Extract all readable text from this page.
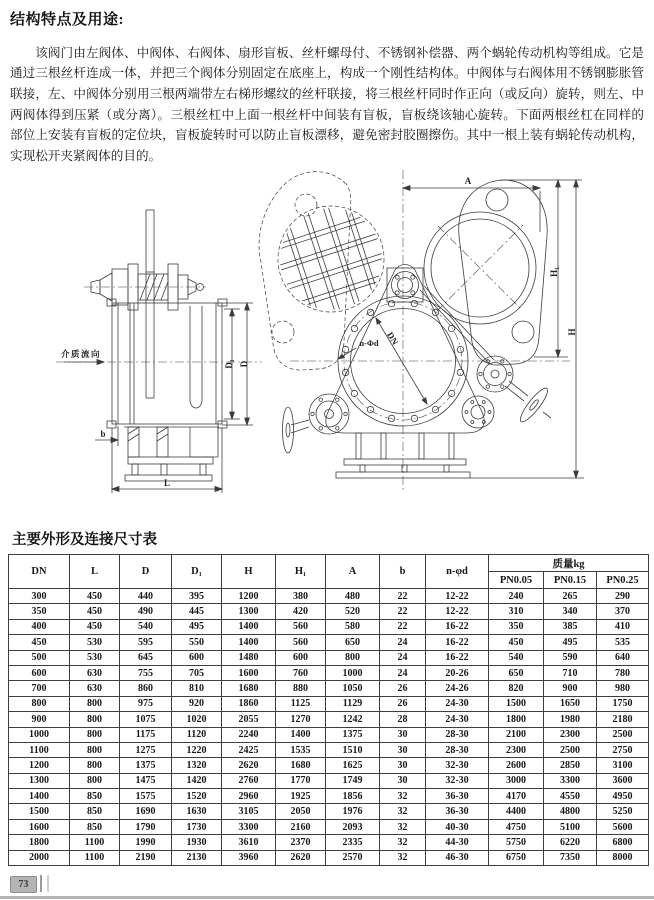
结构特点及用途:

该阀门由左阀体、中阀体、右阀体、扇形盲板、丝杆螺母付、不锈钢补偿器、两个蜗轮传动机构等组成。它是通过三根丝杆连成一体，并把三个阀体分别固定在底座上，构成一个刚性结构体。中阀体与右阀体用不锈钢膨胀管联接，左、中阀体分别用三根两端带左右梯形螺纹的丝杆联接，将三根丝杆同时作正向（或反向）旋转，则左、中两阀体得到压紧（或分离）。三根丝杠中上面一根丝杆中间装有盲板，盲板绕该轴心旋转。下面两根丝杠在同样的部位上安装有盲板的定位块，盲板旋转时可以防止盲板漂移，避免密封胶圈擦伤。其中一根上装有蜗轮传动机构，实现松开夹紧阀体的目的。

介质流向
b
L
D₁ D
A
H₁
H
DN
n-Φd
主要外形及连接尺寸表
DN	L	D	D₁	H	H₁	A	b	n-φd	质量kg		
									PN0.05	PN0.15	PN0.25
300	450	440	395	1200	380	480	22	12-22	240	265	290
350	450	490	445	1300	420	520	22	12-22	310	340	370
400	450	540	495	1400	560	580	22	16-22	350	385	410
450	530	595	550	1400	560	650	24	16-22	450	495	535
500	530	645	600	1480	600	800	24	16-22	540	590	640
600	630	755	705	1600	760	1000	24	20-26	650	710	780
700	630	860	810	1680	880	1050	26	24-26	820	900	980
800	800	975	920	1860	1125	1129	26	24-30	1500	1650	1750
900	800	1075	1020	2055	1270	1242	28	24-30	1800	1980	2180
1000	800	1175	1120	2240	1400	1375	30	28-30	2100	2300	2500
1100	800	1275	1220	2425	1535	1510	30	28-30	2300	2500	2750
1200	800	1375	1320	2620	1680	1625	30	32-30	2600	2850	3100
1300	800	1475	1420	2760	1770	1749	30	32-30	3000	3300	3600
1400	850	1575	1520	2960	1925	1856	32	36-30	4170	4550	4950
1500	850	1690	1630	3105	2050	1976	32	36-30	4400	4800	5250
1600	850	1790	1730	3300	2160	2093	32	40-30	4750	5100	5600
1800	1100	1990	1930	3610	2370	2335	32	44-30	5750	6220	6800
2000	1100	2190	2130	3960	2620	2570	32	46-30	6750	7350	8000
73
